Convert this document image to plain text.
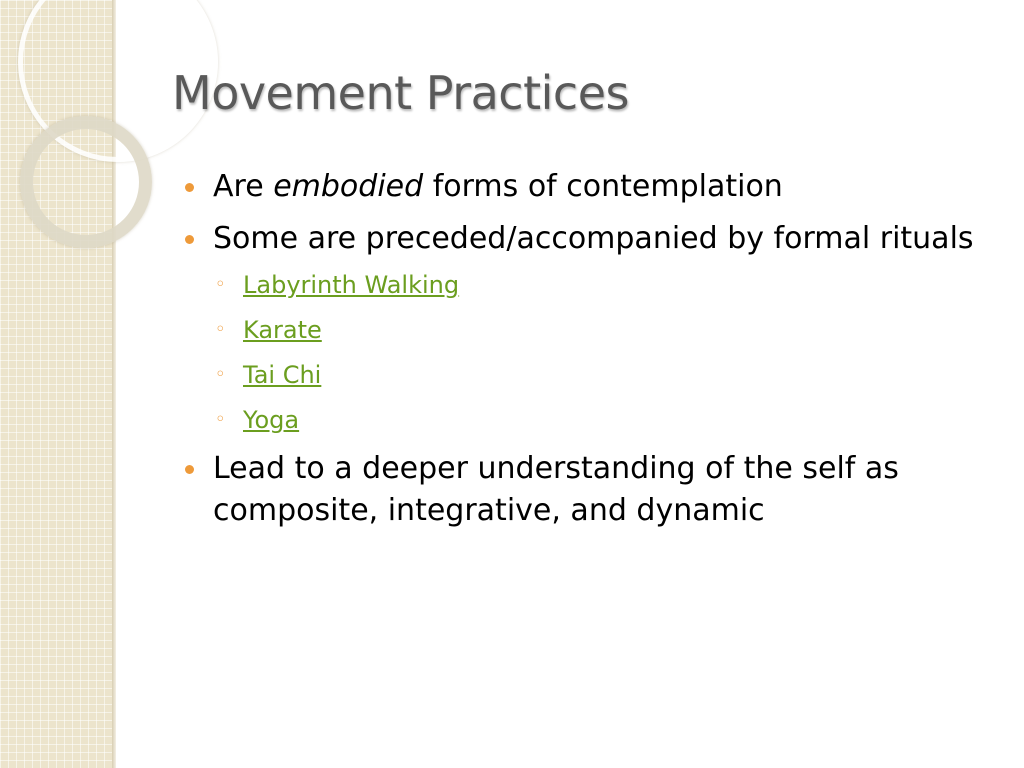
Movement Practices
Are embodied forms of contemplation
Some are preceded/accompanied by formal rituals
◦ Labyrinth Walking
◦ Karate
◦ Tai Chi
◦ Yoga
Lead to a deeper understanding of the self as composite, integrative, and dynamic
